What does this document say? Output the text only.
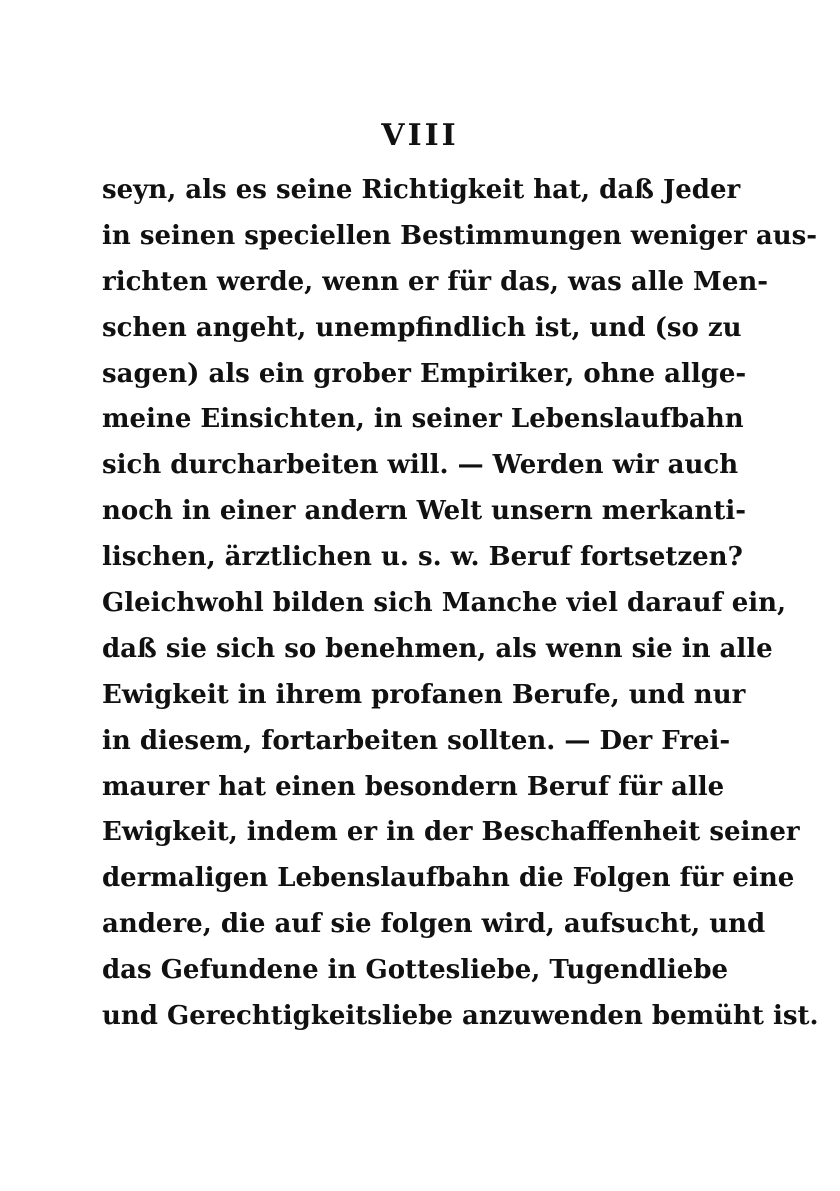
VIII
seyn, als es seine Richtigkeit hat, daß Jeder
in seinen speciellen Bestimmungen weniger aus-
richten werde, wenn er für das, was alle Men-
schen angeht, unempfindlich ist, und (so zu
sagen) als ein grober Empiriker, ohne allge-
meine Einsichten, in seiner Lebenslaufbahn
sich durcharbeiten will. — Werden wir auch
noch in einer andern Welt unsern merkanti-
lischen, ärztlichen u. s. w. Beruf fortsetzen?
Gleichwohl bilden sich Manche viel darauf ein,
daß sie sich so benehmen, als wenn sie in alle
Ewigkeit in ihrem profanen Berufe, und nur
in diesem, fortarbeiten sollten. — Der Frei-
maurer hat einen besondern Beruf für alle
Ewigkeit, indem er in der Beschaffenheit seiner
dermaligen Lebenslaufbahn die Folgen für eine
andere, die auf sie folgen wird, aufsucht, und
das Gefundene in Gottesliebe, Tugendliebe
und Gerechtigkeitsliebe anzuwenden bemüht ist.
